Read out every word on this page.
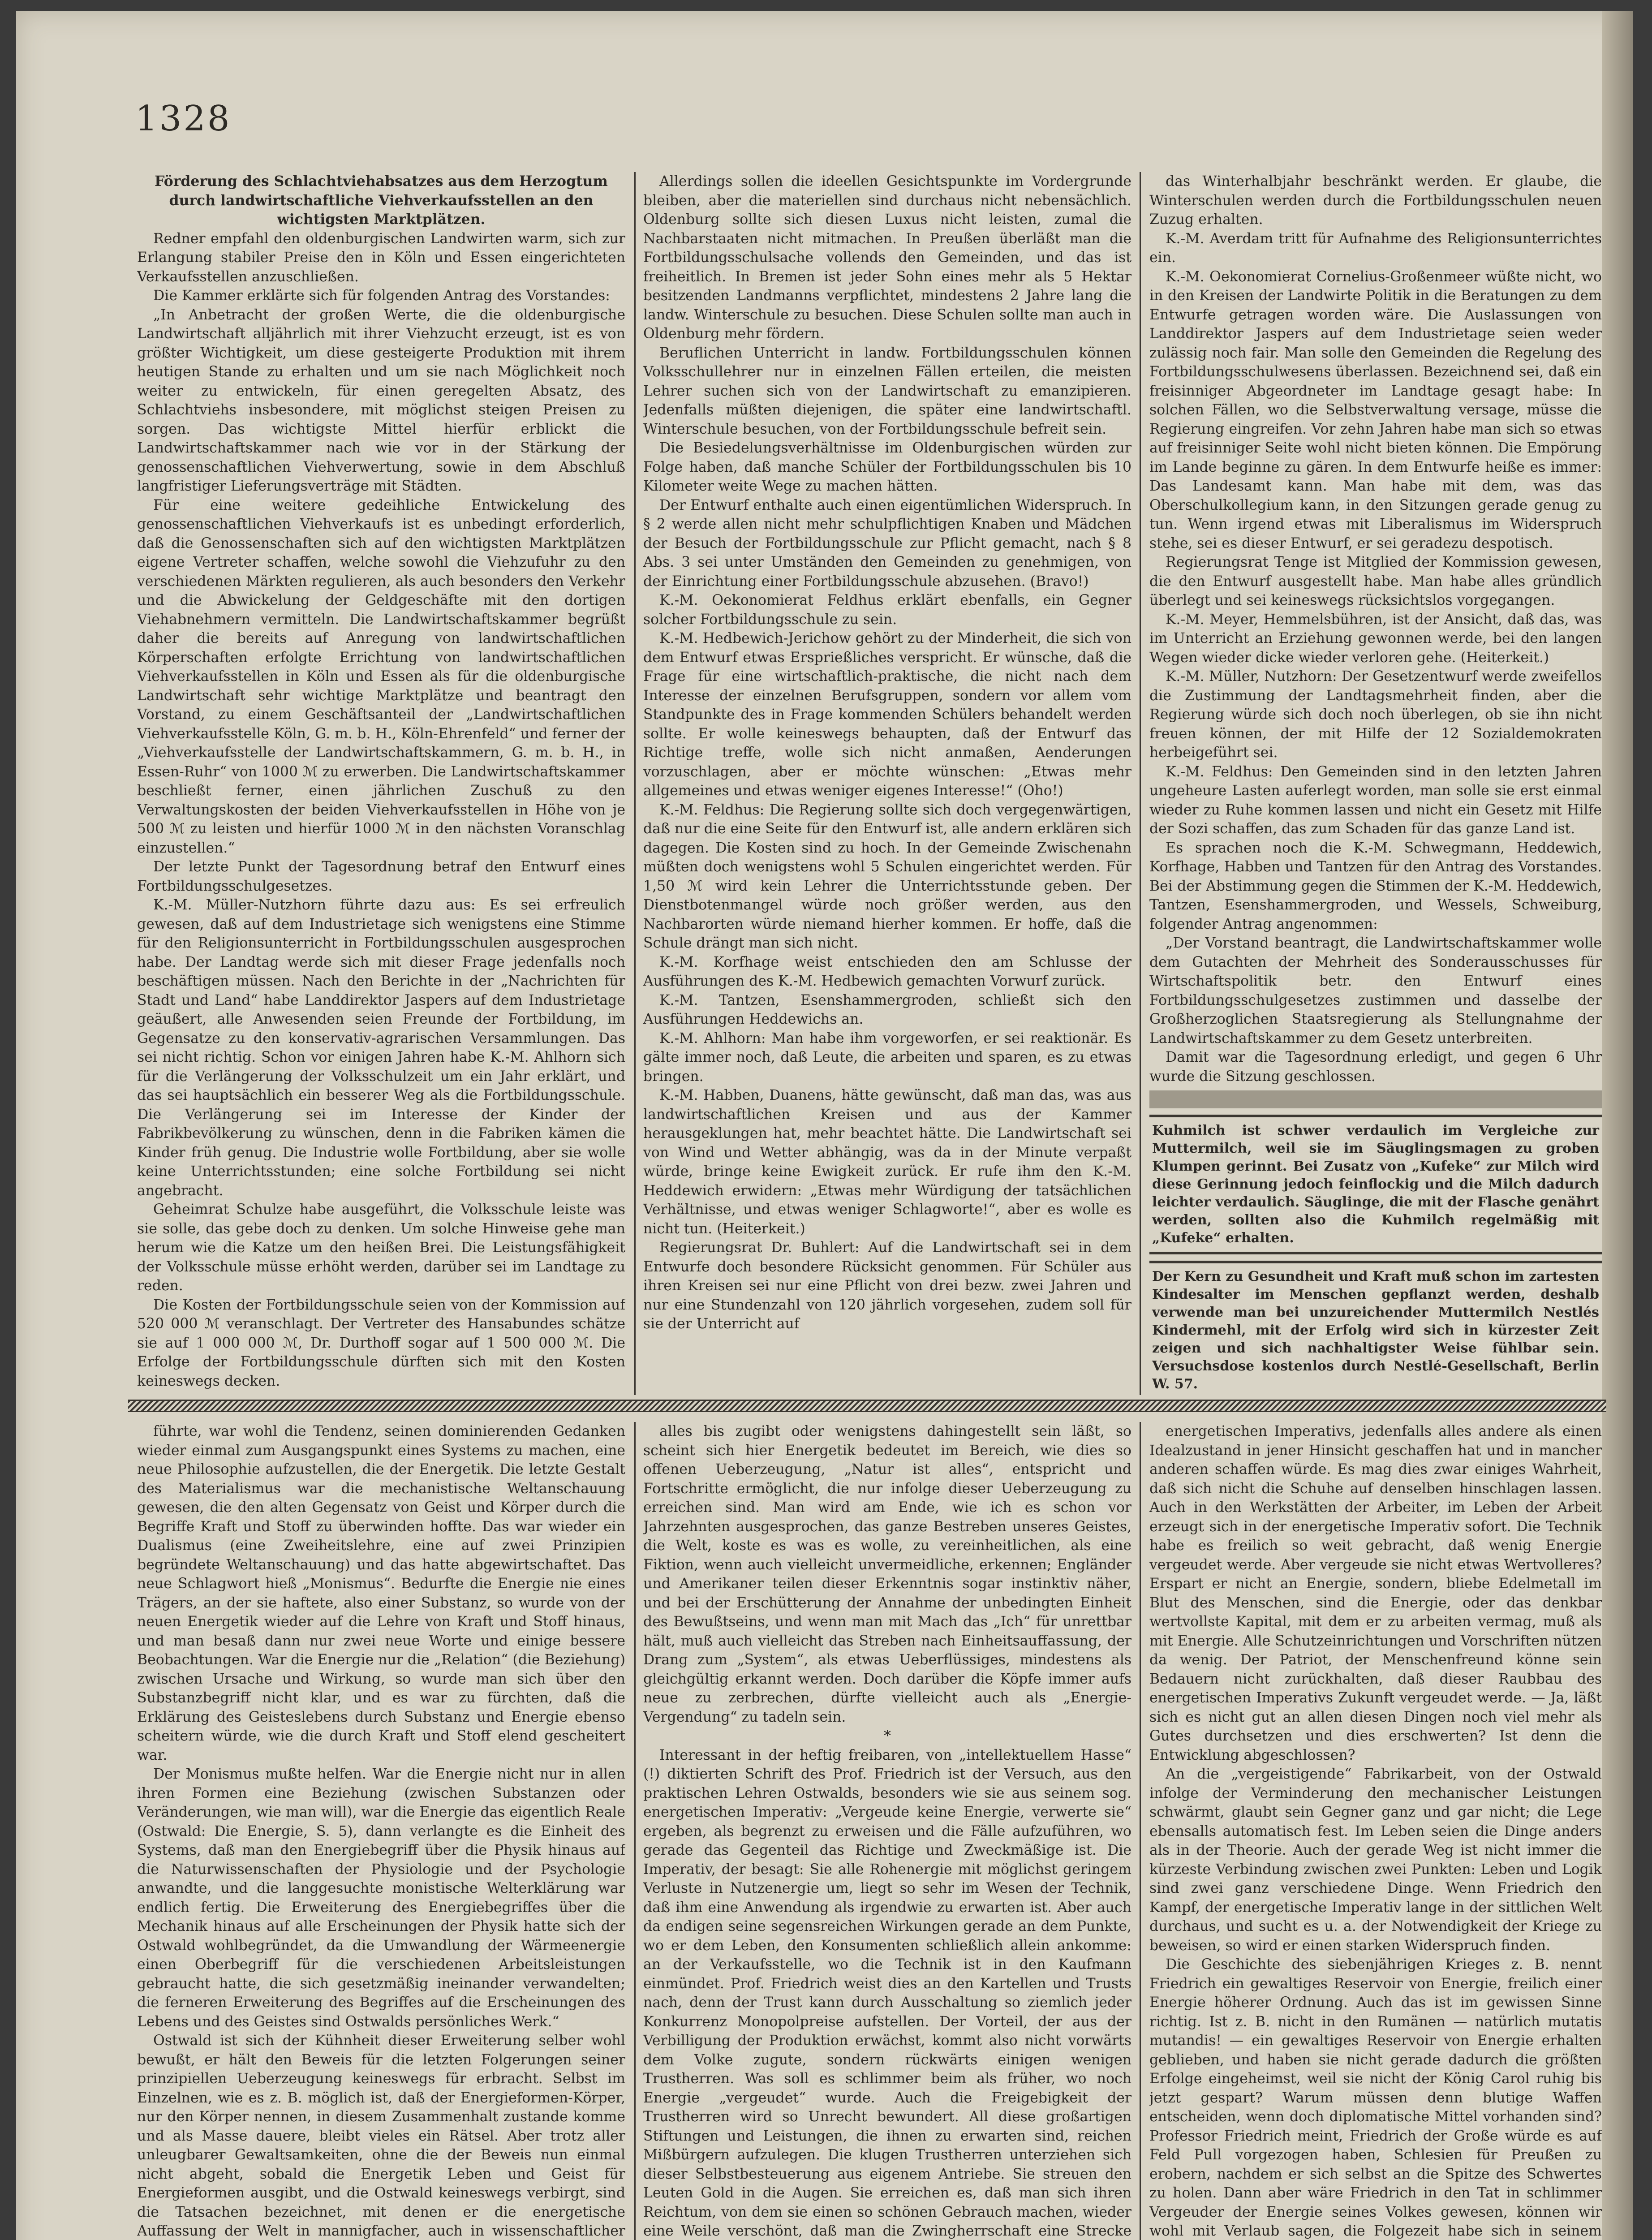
1328

Förderung des Schlachtviehabsatzes aus dem Herzogtum durch landwirtschaftliche Viehverkaufsstellen an den wichtigsten Marktplätzen.

Redner empfahl den oldenburgischen Landwirten warm, sich zur Erlangung stabiler Preise den in Köln und Essen eingerichteten Verkaufsstellen anzuschließen.

Die Kammer erklärte sich für folgenden Antrag des Vorstandes:

„In Anbetracht der großen Werte, die die oldenburgische Landwirtschaft alljährlich mit ihrer Viehzucht erzeugt, ist es von größter Wichtigkeit, um diese gesteigerte Produktion mit ihrem heutigen Stande zu erhalten und um sie nach Möglichkeit noch weiter zu entwickeln, für einen geregelten Absatz, des Schlachtviehs insbesondere, mit möglichst steigen Preisen zu sorgen. Das wichtigste Mittel hierfür erblickt die Landwirtschaftskammer nach wie vor in der Stärkung der genossenschaftlichen Viehverwertung, sowie in dem Abschluß langfristiger Lieferungsverträge mit Städten.

Für eine weitere gedeihliche Entwickelung des genossenschaftlichen Viehverkaufs ist es unbedingt erforderlich, daß die Genossenschaften sich auf den wichtigsten Marktplätzen eigene Vertreter schaffen, welche sowohl die Viehzufuhr zu den verschiedenen Märkten regulieren, als auch besonders den Verkehr und die Abwickelung der Geldgeschäfte mit den dortigen Viehabnehmern vermitteln. Die Landwirtschaftskammer begrüßt daher die bereits auf Anregung von landwirtschaftlichen Körperschaften erfolgte Errichtung von landwirtschaftlichen Viehverkaufsstellen in Köln und Essen als für die oldenburgische Landwirtschaft sehr wichtige Marktplätze und beantragt den Vorstand, zu einem Geschäftsanteil der „Landwirtschaftlichen Viehverkaufsstelle Köln, G. m. b. H., Köln-Ehrenfeld“ und ferner der „Viehverkaufsstelle der Landwirtschaftskammern, G. m. b. H., in Essen-Ruhr“ von 1000 ℳ zu erwerben. Die Landwirtschaftskammer beschließt ferner, einen jährlichen Zuschuß zu den Verwaltungskosten der beiden Viehverkaufsstellen in Höhe von je 500 ℳ zu leisten und hierfür 1000 ℳ in den nächsten Voranschlag einzustellen.“

Der letzte Punkt der Tagesordnung betraf den Entwurf eines Fortbildungsschulgesetzes.

K.-M. Müller-Nutzhorn führte dazu aus: Es sei erfreulich gewesen, daß auf dem Industrietage sich wenigstens eine Stimme für den Religionsunterricht in Fortbildungsschulen ausgesprochen habe. Der Landtag werde sich mit dieser Frage jedenfalls noch beschäftigen müssen. Nach den Berichte in der „Nachrichten für Stadt und Land“ habe Landdirektor Jaspers auf dem Industrietage geäußert, alle Anwesenden seien Freunde der Fortbildung, im Gegensatze zu den konservativ-agrarischen Versammlungen. Das sei nicht richtig. Schon vor einigen Jahren habe K.-M. Ahlhorn sich für die Verlängerung der Volksschulzeit um ein Jahr erklärt, und das sei hauptsächlich ein besserer Weg als die Fortbildungsschule. Die Verlängerung sei im Interesse der Kinder der Fabrikbevölkerung zu wünschen, denn in die Fabriken kämen die Kinder früh genug. Die Industrie wolle Fortbildung, aber sie wolle keine Unterrichtsstunden; eine solche Fortbildung sei nicht angebracht.

Geheimrat Schulze habe ausgeführt, die Volksschule leiste was sie solle, das gebe doch zu denken. Um solche Hinweise gehe man herum wie die Katze um den heißen Brei. Die Leistungsfähigkeit der Volksschule müsse erhöht werden, darüber sei im Landtage zu reden.

Die Kosten der Fortbildungsschule seien von der Kommission auf 520 000 ℳ veranschlagt. Der Vertreter des Hansabundes schätze sie auf 1 000 000 ℳ, Dr. Durthoff sogar auf 1 500 000 ℳ. Die Erfolge der Fortbildungsschule dürften sich mit den Kosten keineswegs decken.

Allerdings sollen die ideellen Gesichtspunkte im Vordergrunde bleiben, aber die materiellen sind durchaus nicht nebensächlich. Oldenburg sollte sich diesen Luxus nicht leisten, zumal die Nachbarstaaten nicht mitmachen. In Preußen überläßt man die Fortbildungsschulsache vollends den Gemeinden, und das ist freiheitlich. In Bremen ist jeder Sohn eines mehr als 5 Hektar besitzenden Landmanns verpflichtet, mindestens 2 Jahre lang die landw. Winterschule zu besuchen. Diese Schulen sollte man auch in Oldenburg mehr fördern.

Beruflichen Unterricht in landw. Fortbildungsschulen können Volksschullehrer nur in einzelnen Fällen erteilen, die meisten Lehrer suchen sich von der Landwirtschaft zu emanzipieren. Jedenfalls müßten diejenigen, die später eine landwirtschaftl. Winterschule besuchen, von der Fortbildungsschule befreit sein.

Die Besiedelungsverhältnisse im Oldenburgischen würden zur Folge haben, daß manche Schüler der Fortbildungsschulen bis 10 Kilometer weite Wege zu machen hätten.

Der Entwurf enthalte auch einen eigentümlichen Widerspruch. In § 2 werde allen nicht mehr schulpflichtigen Knaben und Mädchen der Besuch der Fortbildungsschule zur Pflicht gemacht, nach § 8 Abs. 3 sei unter Umständen den Gemeinden zu genehmigen, von der Einrichtung einer Fortbildungsschule abzusehen. (Bravo!)

K.-M. Oekonomierat Feldhus erklärt ebenfalls, ein Gegner solcher Fortbildungsschule zu sein.

K.-M. Hedbewich-Jerichow gehört zu der Minderheit, die sich von dem Entwurf etwas Ersprießliches verspricht. Er wünsche, daß die Frage für eine wirtschaftlich-praktische, die nicht nach dem Interesse der einzelnen Berufsgruppen, sondern vor allem vom Standpunkte des in Frage kommenden Schülers behandelt werden sollte. Er wolle keineswegs behaupten, daß der Entwurf das Richtige treffe, wolle sich nicht anmaßen, Aenderungen vorzuschlagen, aber er möchte wünschen: „Etwas mehr allgemeines und etwas weniger eigenes Interesse!“ (Oho!)

K.-M. Feldhus: Die Regierung sollte sich doch vergegenwärtigen, daß nur die eine Seite für den Entwurf ist, alle andern erklären sich dagegen. Die Kosten sind zu hoch. In der Gemeinde Zwischenahn müßten doch wenigstens wohl 5 Schulen eingerichtet werden. Für 1,50 ℳ wird kein Lehrer die Unterrichtsstunde geben. Der Dienstbotenmangel würde noch größer werden, aus den Nachbarorten würde niemand hierher kommen. Er hoffe, daß die Schule drängt man sich nicht.

K.-M. Korfhage weist entschieden den am Schlusse der Ausführungen des K.-M. Hedbewich gemachten Vorwurf zurück.

K.-M. Tantzen, Esenshammergroden, schließt sich den Ausführungen Heddewichs an.

K.-M. Ahlhorn: Man habe ihm vorgeworfen, er sei reaktionär. Es gälte immer noch, daß Leute, die arbeiten und sparen, es zu etwas bringen.

K.-M. Habben, Duanens, hätte gewünscht, daß man das, was aus landwirtschaftlichen Kreisen und aus der Kammer herausgeklungen hat, mehr beachtet hätte. Die Landwirtschaft sei von Wind und Wetter abhängig, was da in der Minute verpaßt würde, bringe keine Ewigkeit zurück. Er rufe ihm den K.-M. Heddewich erwidern: „Etwas mehr Würdigung der tatsächlichen Verhältnisse, und etwas weniger Schlagworte!“, aber es wolle es nicht tun. (Heiterkeit.)

Regierungsrat Dr. Buhlert: Auf die Landwirtschaft sei in dem Entwurfe doch besondere Rücksicht genommen. Für Schüler aus ihren Kreisen sei nur eine Pflicht von drei bezw. zwei Jahren und nur eine Stundenzahl von 120 jährlich vorgesehen, zudem soll für sie der Unterricht auf

das Winterhalbjahr beschränkt werden. Er glaube, die Winterschulen werden durch die Fortbildungsschulen neuen Zuzug erhalten.

K.-M. Averdam tritt für Aufnahme des Religionsunterrichtes ein.

K.-M. Oekonomierat Cornelius-Großenmeer wüßte nicht, wo in den Kreisen der Landwirte Politik in die Beratungen zu dem Entwurfe getragen worden wäre. Die Auslassungen von Landdirektor Jaspers auf dem Industrietage seien weder zulässig noch fair. Man solle den Gemeinden die Regelung des Fortbildungsschulwesens überlassen. Bezeichnend sei, daß ein freisinniger Abgeordneter im Landtage gesagt habe: In solchen Fällen, wo die Selbstverwaltung versage, müsse die Regierung eingreifen. Vor zehn Jahren habe man sich so etwas auf freisinniger Seite wohl nicht bieten können. Die Empörung im Lande beginne zu gären. In dem Entwurfe heiße es immer: Das Landesamt kann. Man habe mit dem, was das Oberschulkollegium kann, in den Sitzungen gerade genug zu tun. Wenn irgend etwas mit Liberalismus im Widerspruch stehe, sei es dieser Entwurf, er sei geradezu despotisch.

Regierungsrat Tenge ist Mitglied der Kommission gewesen, die den Entwurf ausgestellt habe. Man habe alles gründlich überlegt und sei keineswegs rücksichtslos vorgegangen.

K.-M. Meyer, Hemmelsbühren, ist der Ansicht, daß das, was im Unterricht an Erziehung gewonnen werde, bei den langen Wegen wieder dicke wieder verloren gehe. (Heiterkeit.)

K.-M. Müller, Nutzhorn: Der Gesetzentwurf werde zweifellos die Zustimmung der Landtagsmehrheit finden, aber die Regierung würde sich doch noch überlegen, ob sie ihn nicht freuen können, der mit Hilfe der 12 Sozialdemokraten herbeigeführt sei.

K.-M. Feldhus: Den Gemeinden sind in den letzten Jahren ungeheure Lasten auferlegt worden, man solle sie erst einmal wieder zu Ruhe kommen lassen und nicht ein Gesetz mit Hilfe der Sozi schaffen, das zum Schaden für das ganze Land ist.

Es sprachen noch die K.-M. Schwegmann, Heddewich, Korfhage, Habben und Tantzen für den Antrag des Vorstandes. Bei der Abstimmung gegen die Stimmen der K.-M. Heddewich, Tantzen, Esenshammergroden, und Wessels, Schweiburg, folgender Antrag angenommen:

„Der Vorstand beantragt, die Landwirtschaftskammer wolle dem Gutachten der Mehrheit des Sonderausschusses für Wirtschaftspolitik betr. den Entwurf eines Fortbildungsschulgesetzes zustimmen und dasselbe der Großherzoglichen Staatsregierung als Stellungnahme der Landwirtschaftskammer zu dem Gesetz unterbreiten.

Damit war die Tagesordnung erledigt, und gegen 6 Uhr wurde die Sitzung geschlossen.

Kuhmilch ist schwer verdaulich im Vergleiche zur Muttermilch, weil sie im Säuglingsmagen zu groben Klumpen gerinnt. Bei Zusatz von „Kufeke“ zur Milch wird diese Gerinnung jedoch feinflockig und die Milch dadurch leichter verdaulich. Säuglinge, die mit der Flasche genährt werden, sollten also die Kuhmilch regelmäßig mit „Kufeke“ erhalten.
Der Kern zu Gesundheit und Kraft muß schon im zartesten Kindesalter im Menschen gepflanzt werden, deshalb verwende man bei unzureichender Muttermilch Nestlés Kindermehl, mit der Erfolg wird sich in kürzester Zeit zeigen und sich nachhaltigster Weise fühlbar sein. Versuchsdose kostenlos durch Nestlé-Gesellschaft, Berlin W. 57.

führte, war wohl die Tendenz, seinen dominierenden Gedanken wieder einmal zum Ausgangspunkt eines Systems zu machen, eine neue Philosophie aufzustellen, die der Energetik. Die letzte Gestalt des Materialismus war die mechanistische Weltanschauung gewesen, die den alten Gegensatz von Geist und Körper durch die Begriffe Kraft und Stoff zu überwinden hoffte. Das war wieder ein Dualismus (eine Zweiheitslehre, eine auf zwei Prinzipien begründete Weltanschauung) und das hatte abgewirtschaftet. Das neue Schlagwort hieß „Monismus“. Bedurfte die Energie nie eines Trägers, an der sie haftete, also einer Substanz, so wurde von der neuen Energetik wieder auf die Lehre von Kraft und Stoff hinaus, und man besaß dann nur zwei neue Worte und einige bessere Beobachtungen. War die Energie nur die „Relation“ (die Beziehung) zwischen Ursache und Wirkung, so wurde man sich über den Substanzbegriff nicht klar, und es war zu fürchten, daß die Erklärung des Geisteslebens durch Substanz und Energie ebenso scheitern würde, wie die durch Kraft und Stoff elend gescheitert war.

Der Monismus mußte helfen. War die Energie nicht nur in allen ihren Formen eine Beziehung (zwischen Substanzen oder Veränderungen, wie man will), war die Energie das eigentlich Reale (Ostwald: Die Energie, S. 5), dann verlangte es die Einheit des Systems, daß man den Energiebegriff über die Physik hinaus auf die Naturwissenschaften der Physiologie und der Psychologie anwandte, und die langgesuchte monistische Welterklärung war endlich fertig. Die Erweiterung des Energiebegriffes über die Mechanik hinaus auf alle Erscheinungen der Physik hatte sich der Ostwald wohlbegründet, da die Umwandlung der Wärmeenergie einen Oberbegriff für die verschiedenen Arbeitsleistungen gebraucht hatte, die sich gesetzmäßig ineinander verwandelten; die ferneren Erweiterung des Begriffes auf die Erscheinungen des Lebens und des Geistes sind Ostwalds persönliches Werk.“

Ostwald ist sich der Kühnheit dieser Erweiterung selber wohl bewußt, er hält den Beweis für die letzten Folgerungen seiner prinzipiellen Ueberzeugung keineswegs für erbracht. Selbst im Einzelnen, wie es z. B. möglich ist, daß der Energieformen-Körper, nur den Körper nennen, in diesem Zusammenhalt zustande komme und als Masse dauere, bleibt vieles ein Rätsel. Aber trotz aller unleugbarer Gewaltsamkeiten, ohne die der Beweis nun einmal nicht abgeht, sobald die Energetik Leben und Geist für Energieformen ausgibt, und die Ostwald keineswegs verbirgt, sind die Tatsachen bezeichnet, mit denen er die energetische Auffassung der Welt in mannigfacher, auch in wissenschaftlicher

alles bis zugibt oder wenigstens dahingestellt sein läßt, so scheint sich hier Energetik bedeutet im Bereich, wie dies so offenen Ueberzeugung, „Natur ist alles“, entspricht und Fortschritte ermöglicht, die nur infolge dieser Ueberzeugung zu erreichen sind. Man wird am Ende, wie ich es schon vor Jahrzehnten ausgesprochen, das ganze Bestreben unseres Geistes, die Welt, koste es was es wolle, zu vereinheitlichen, als eine Fiktion, wenn auch vielleicht unvermeidliche, erkennen; Engländer und Amerikaner teilen dieser Erkenntnis sogar instinktiv näher, und bei der Erschütterung der Annahme der unbedingten Einheit des Bewußtseins, und wenn man mit Mach das „Ich“ für unrettbar hält, muß auch vielleicht das Streben nach Einheitsauffassung, der Drang zum „System“, als etwas Ueberflüssiges, mindestens als gleichgültig erkannt werden. Doch darüber die Köpfe immer aufs neue zu zerbrechen, dürfte vielleicht auch als „Energie-Vergendung“ zu tadeln sein.

*

Interessant in der heftig freibaren, von „intellektuellem Hasse“ (!) diktierten Schrift des Prof. Friedrich ist der Versuch, aus den praktischen Lehren Ostwalds, besonders wie sie aus seinem sog. energetischen Imperativ: „Vergeude keine Energie, verwerte sie“ ergeben, als begrenzt zu erweisen und die Fälle aufzuführen, wo gerade das Gegenteil das Richtige und Zweckmäßige ist. Die Imperativ, der besagt: Sie alle Rohenergie mit möglichst geringem Verluste in Nutzenergie um, liegt so sehr im Wesen der Technik, daß ihm eine Anwendung als irgendwie zu erwarten ist. Aber auch da endigen seine segensreichen Wirkungen gerade an dem Punkte, wo er dem Leben, den Konsumenten schließlich allein ankomme: an der Verkaufsstelle, wo die Technik ist in den Kaufmann einmündet. Prof. Friedrich weist dies an den Kartellen und Trusts nach, denn der Trust kann durch Ausschaltung so ziemlich jeder Konkurrenz Monopolpreise aufstellen. Der Vorteil, der aus der Verbilligung der Produktion erwächst, kommt also nicht vorwärts dem Volke zugute, sondern rückwärts einigen wenigen Trustherren. Was soll es schlimmer beim als früher, wo noch Energie „vergeudet“ wurde. Auch die Freigebigkeit der Trustherren wird so Unrecht bewundert. All diese großartigen Stiftungen und Leistungen, die ihnen zu erwarten sind, reichen Mißbürgern aufzulegen. Die klugen Trustherren unterziehen sich dieser Selbstbesteuerung aus eigenem Antriebe. Sie streuen den Leuten Gold in die Augen. Sie erreichen es, daß man sich ihren Reichtum, von dem sie einen so schönen Gebrauch machen, wieder eine Weile verschönt, daß man die Zwingherrschaft eine Strecke

energetischen Imperativs, jedenfalls alles andere als einen Idealzustand in jener Hinsicht geschaffen hat und in mancher anderen schaffen würde. Es mag dies zwar einiges Wahrheit, daß sich nicht die Schuhe auf denselben hinschlagen lassen. Auch in den Werkstätten der Arbeiter, im Leben der Arbeit erzeugt sich in der energetische Imperativ sofort. Die Technik habe es freilich so weit gebracht, daß wenig Energie vergeudet werde. Aber vergeude sie nicht etwas Wertvolleres? Erspart er nicht an Energie, sondern, bliebe Edelmetall im Blut des Menschen, sind die Energie, oder das denkbar wertvollste Kapital, mit dem er zu arbeiten vermag, muß als mit Energie. Alle Schutzeinrichtungen und Vorschriften nützen da wenig. Der Patriot, der Menschenfreund könne sein Bedauern nicht zurückhalten, daß dieser Raubbau des energetischen Imperativs Zukunft vergeudet werde. — Ja, läßt sich es nicht gut an allen diesen Dingen noch viel mehr als Gutes durchsetzen und dies erschwerten? Ist denn die Entwicklung abgeschlossen?

An die „vergeistigende“ Fabrikarbeit, von der Ostwald infolge der Verminderung den mechanischer Leistungen schwärmt, glaubt sein Gegner ganz und gar nicht; die Lege ebensalls automatisch fest. Im Leben seien die Dinge anders als in der Theorie. Auch der gerade Weg ist nicht immer die kürzeste Verbindung zwischen zwei Punkten: Leben und Logik sind zwei ganz verschiedene Dinge. Wenn Friedrich den Kampf, der energetische Imperativ lange in der sittlichen Welt durchaus, und sucht es u. a. der Notwendigkeit der Kriege zu beweisen, so wird er einen starken Widerspruch finden.

Die Geschichte des siebenjährigen Krieges z. B. nennt Friedrich ein gewaltiges Reservoir von Energie, freilich einer Energie höherer Ordnung. Auch das ist im gewissen Sinne richtig. Ist z. B. nicht in den Rumänen — natürlich mutatis mutandis! — ein gewaltiges Reservoir von Energie erhalten geblieben, und haben sie nicht gerade dadurch die größten Erfolge eingeheimst, weil sie nicht der König Carol ruhig bis jetzt gespart? Warum müssen denn blutige Waffen entscheiden, wenn doch diplomatische Mittel vorhanden sind? Professor Friedrich meint, Friedrich der Große würde es auf Feld Pull vorgezogen haben, Schlesien für Preußen zu erobern, nachdem er sich selbst an die Spitze des Schwertes zu holen. Dann aber wäre Friedrich in den Tat in schlimmer Vergeuder der Energie seines Volkes gewesen, können wir wohl mit Verlaub sagen, die Folgezeit habe sich in seinem
